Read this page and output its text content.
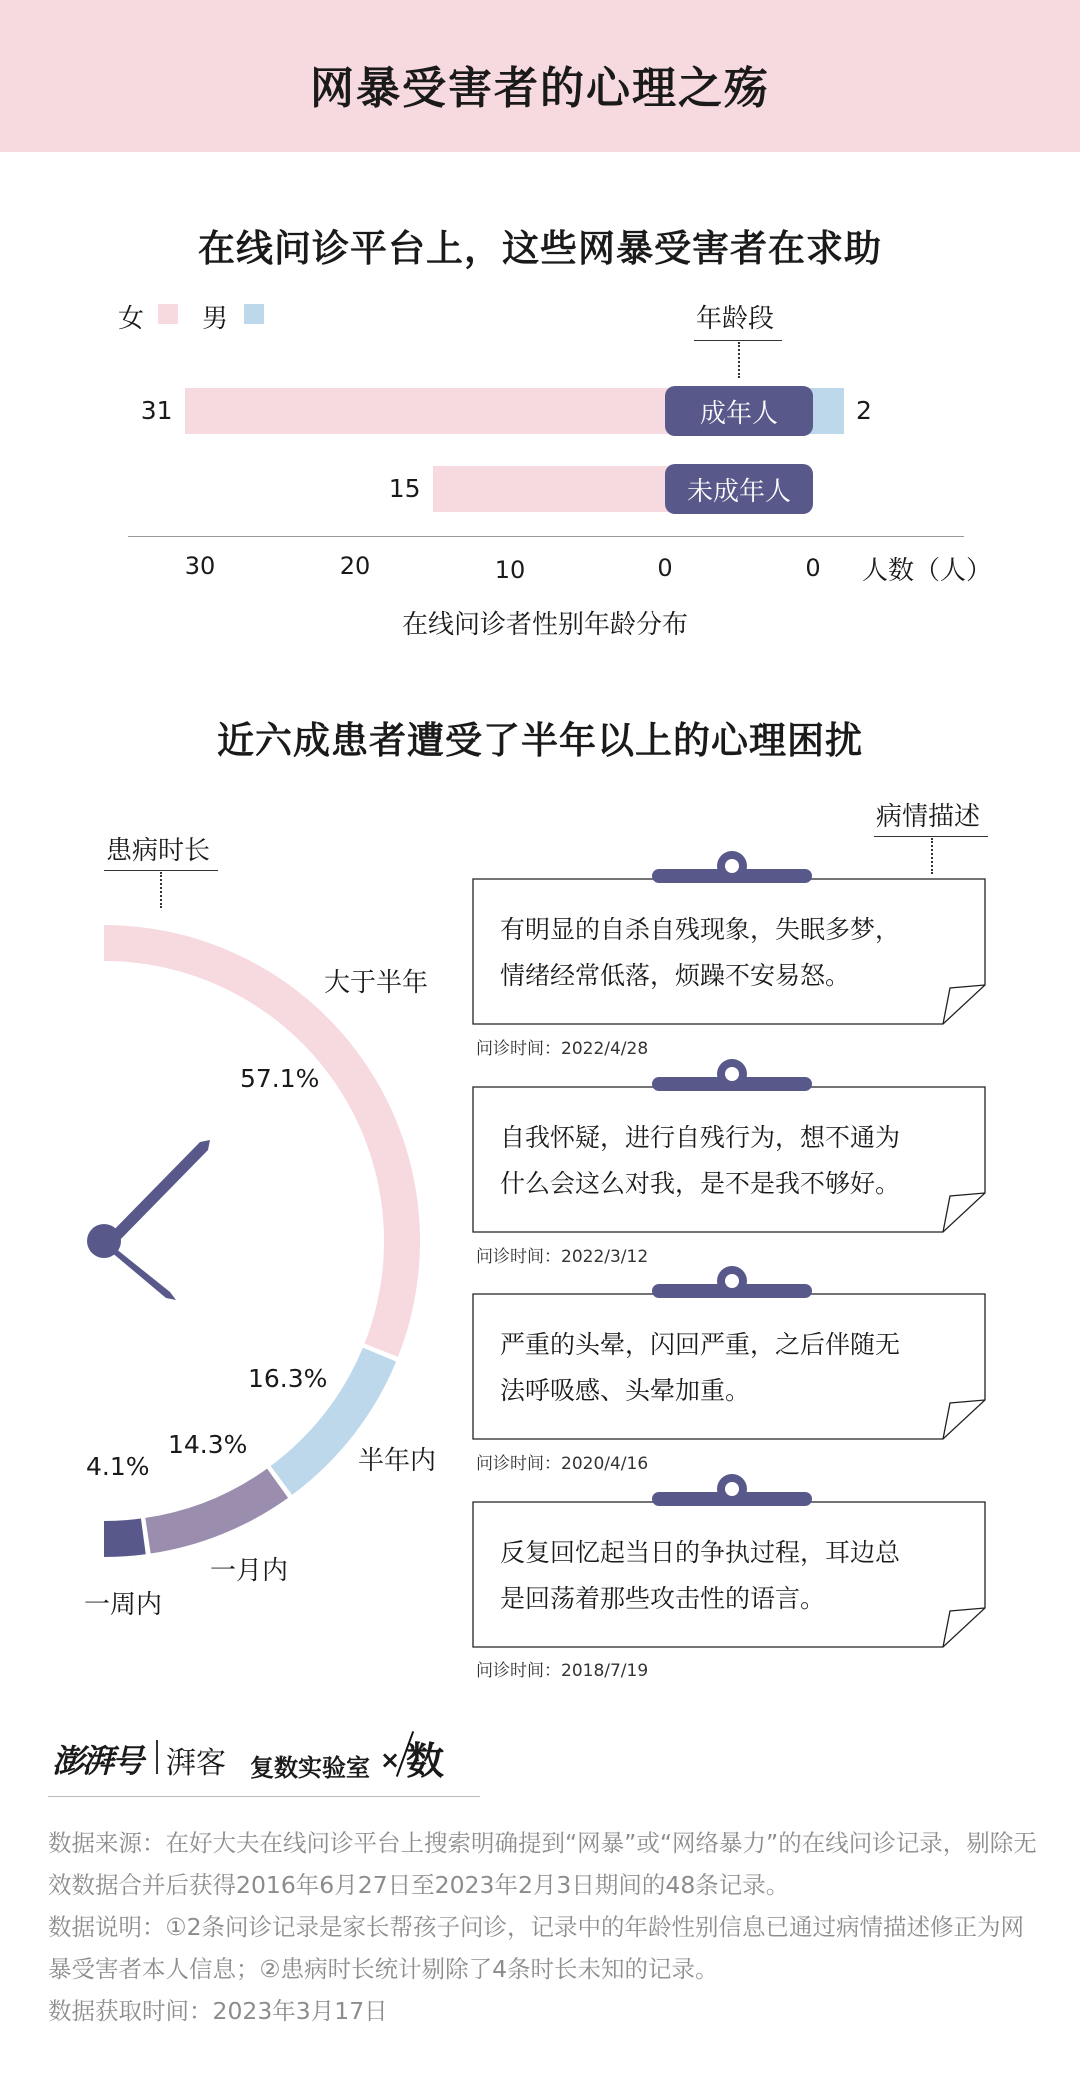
网暴受害者的心理之殇
在线问诊平台上，这些网暴受害者在求助
女 男	年龄段
31	2
15
成年人
未成年人
30	20	10	0	0	人数（人）
在线问诊者性别年龄分布
近六成患者遭受了半年以上的心理困扰
患病时长
病情描述
大于半年
半年内
一月内
一周内
57.1%
16.3%
14.3%
4.1%
有明显的自杀自残现象，失眠多梦，
情绪经常低落，烦躁不安易怒。
问诊时间：2022/4/28
自我怀疑，进行自残行为，想不通为
什么会这么对我，是不是我不够好。
问诊时间：2022/3/12
严重的头晕，闪回严重，之后伴随无
法呼吸感、头晕加重。
问诊时间：2020/4/16
反复回忆起当日的争执过程，耳边总
是回荡着那些攻击性的语言。
问诊时间：2018/7/19
澎湃号 湃客 复数实验室 × 数
数据来源：在好大夫在线问诊平台上搜索明确提到“网暴”或“网络暴力”的在线问诊记录，剔除无效数据合并后获得2016年6月27日至2023年2月3日期间的48条记录。
数据说明：①2条问诊记录是家长帮孩子问诊，记录中的年龄性别信息已通过病情描述修正为网暴受害者本人信息；②患病时长统计剔除了4条时长未知的记录。
数据获取时间：2023年3月17日
